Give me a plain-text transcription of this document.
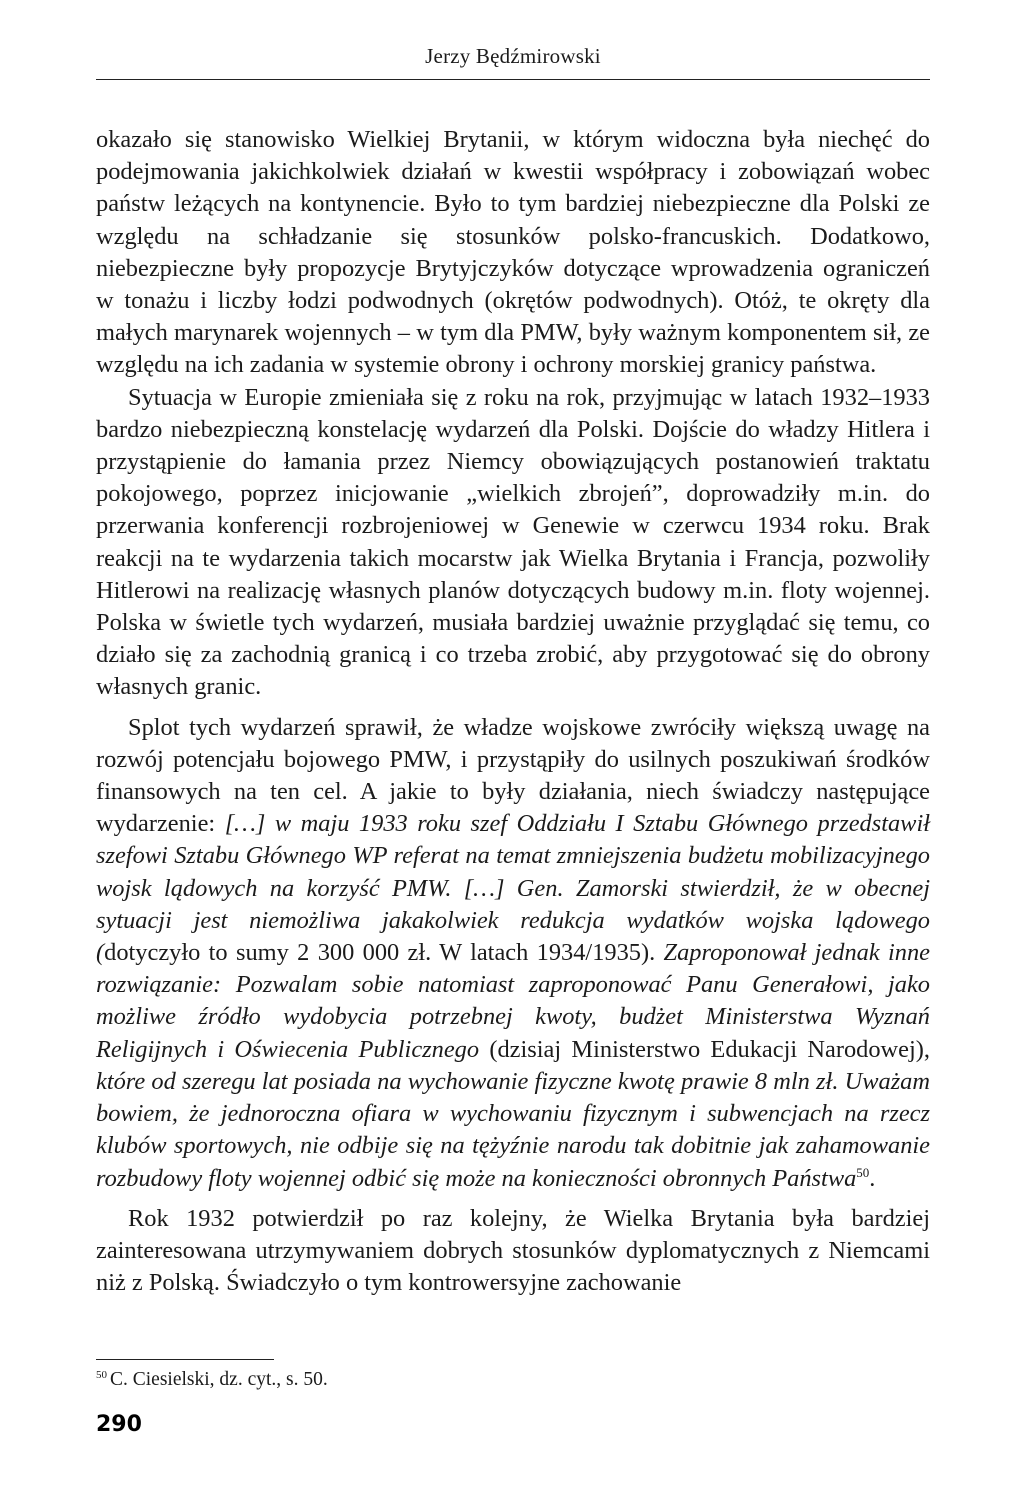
Jerzy Będźmirowski

okazało się stanowisko Wielkiej Brytanii, w którym widoczna była niechęć do podejmowania jakichkolwiek działań w kwestii współpracy i zobowiązań wobec państw leżących na kontynencie. Było to tym bardziej niebezpieczne dla Polski ze względu na schładzanie się stosunków polsko-francuskich. Dodatkowo, niebezpieczne były propozycje Brytyjczyków dotyczące wprowadzenia ograniczeń w tonażu i liczby łodzi podwodnych (okrętów podwodnych). Otóż, te okręty dla małych marynarek wojennych – w tym dla PMW, były ważnym komponentem sił, ze względu na ich zadania w systemie obrony i ochrony morskiej granicy państwa.

Sytuacja w Europie zmieniała się z roku na rok, przyjmując w latach 1932–1933 bardzo niebezpieczną konstelację wydarzeń dla Polski. Dojście do władzy Hitlera i przystąpienie do łamania przez Niemcy obowiązujących postanowień traktatu pokojowego, poprzez inicjowanie „wielkich zbrojeń”, doprowadziły m.in. do przerwania konferencji rozbrojeniowej w Genewie w czerwcu 1934 roku. Brak reakcji na te wydarzenia takich mocarstw jak Wielka Brytania i Francja, pozwoliły Hitlerowi na realizację własnych planów dotyczących budowy m.in. floty wojennej. Polska w świetle tych wydarzeń, musiała bardziej uważnie przyglądać się temu, co działo się za zachodnią granicą i co trzeba zrobić, aby przygotować się do obrony własnych granic.

Splot tych wydarzeń sprawił, że władze wojskowe zwróciły większą uwagę na rozwój potencjału bojowego PMW, i przystąpiły do usilnych poszukiwań środków finansowych na ten cel. A jakie to były działania, niech świadczy następujące wydarzenie: […] w maju 1933 roku szef Oddziału I Sztabu Głównego przedstawił szefowi Sztabu Głównego WP referat na temat zmniejszenia budżetu mobilizacyjnego wojsk lądowych na korzyść PMW. […] Gen. Zamorski stwierdził, że w obecnej sytuacji jest niemożliwa jakakolwiek redukcja wydatków wojska lądowego (dotyczyło to sumy 2 300 000 zł. W latach 1934/1935). Zaproponował jednak inne rozwiązanie: Pozwalam sobie natomiast zaproponować Panu Generałowi, jako możliwe źródło wydobycia potrzebnej kwoty, budżet Ministerstwa Wyznań Religijnych i Oświecenia Publicznego (dzisiaj Ministerstwo Edukacji Narodowej), które od szeregu lat posiada na wychowanie fizyczne kwotę prawie 8 mln zł. Uważam bowiem, że jednoroczna ofiara w wychowaniu fizycznym i subwencjach na rzecz klubów sportowych, nie odbije się na tężyźnie narodu tak dobitnie jak zahamowanie rozbudowy floty wojennej odbić się może na konieczności obronnych Państwa$^{50}$.

Rok 1932 potwierdził po raz kolejny, że Wielka Brytania była bardziej zainteresowana utrzymywaniem dobrych stosunków dyplomatycznych z Niemcami niż z Polską. Świadczyło o tym kontrowersyjne zachowanie

$^{50}$ C. Ciesielski, dz. cyt., s. 50.
290
